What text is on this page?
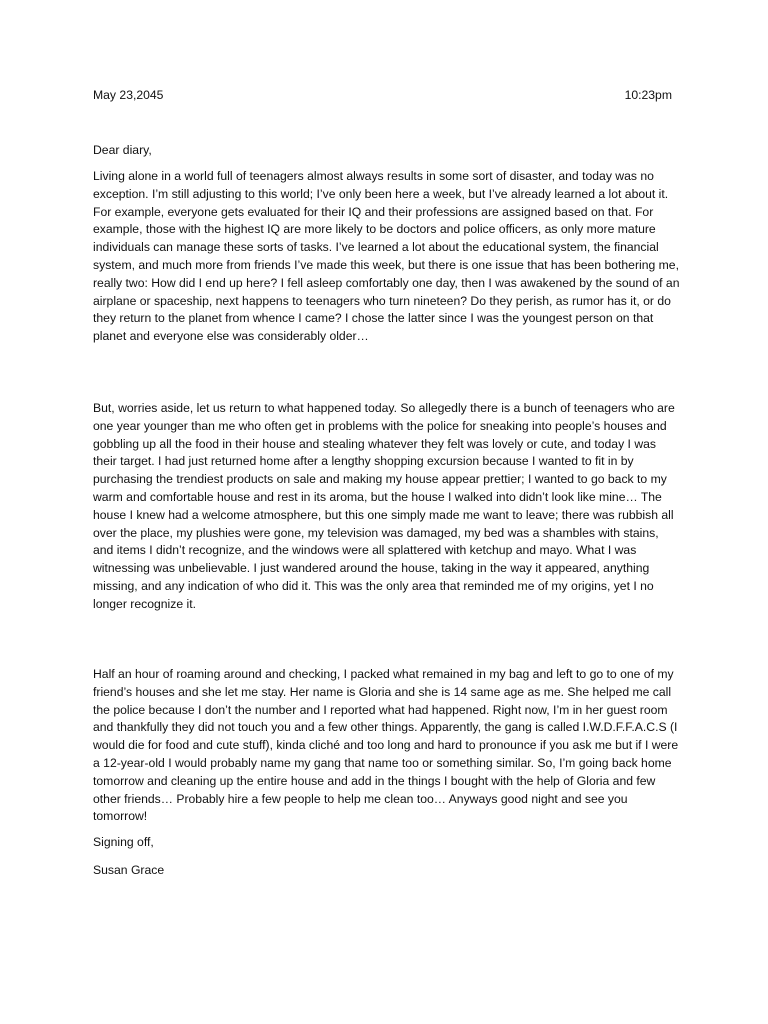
May 23,2045	10:23pm

Dear diary,

Living alone in a world full of teenagers almost always results in some sort of disaster, and today was no exception. I’m still adjusting to this world; I’ve only been here a week, but I’ve already learned a lot about it. For example, everyone gets evaluated for their IQ and their professions are assigned based on that. For example, those with the highest IQ are more likely to be doctors and police officers, as only more mature individuals can manage these sorts of tasks. I’ve learned a lot about the educational system, the financial system, and much more from friends I’ve made this week, but there is one issue that has been bothering me, really two: How did I end up here? I fell asleep comfortably one day, then I was awakened by the sound of an airplane or spaceship, next happens to teenagers who turn nineteen? Do they perish, as rumor has it, or do they return to the planet from whence I came? I chose the latter since I was the youngest person on that planet and everyone else was considerably older…

But, worries aside, let us return to what happened today. So allegedly there is a bunch of teenagers who are one year younger than me who often get in problems with the police for sneaking into people’s houses and gobbling up all the food in their house and stealing whatever they felt was lovely or cute, and today I was their target. I had just returned home after a lengthy shopping excursion because I wanted to fit in by purchasing the trendiest products on sale and making my house appear prettier; I wanted to go back to my warm and comfortable house and rest in its aroma, but the house I walked into didn’t look like mine… The house I knew had a welcome atmosphere, but this one simply made me want to leave; there was rubbish all over the place, my plushies were gone, my television was damaged, my bed was a shambles with stains, and items I didn’t recognize, and the windows were all splattered with ketchup and mayo. What I was witnessing was unbelievable. I just wandered around the house, taking in the way it appeared, anything missing, and any indication of who did it. This was the only area that reminded me of my origins, yet I no longer recognize it.

Half an hour of roaming around and checking, I packed what remained in my bag and left to go to one of my friend’s houses and she let me stay. Her name is Gloria and she is 14 same age as me. She helped me call the police because I don’t the number and I reported what had happened. Right now, I’m in her guest room and thankfully they did not touch you and a few other things. Apparently, the gang is called I.W.D.F.F.A.C.S (I would die for food and cute stuff), kinda cliché and too long and hard to pronounce if you ask me but if I were a 12-year-old I would probably name my gang that name too or something similar. So, I’m going back home tomorrow and cleaning up the entire house and add in the things I bought with the help of Gloria and few other friends… Probably hire a few people to help me clean too… Anyways good night and see you tomorrow!

Signing off,

Susan Grace
